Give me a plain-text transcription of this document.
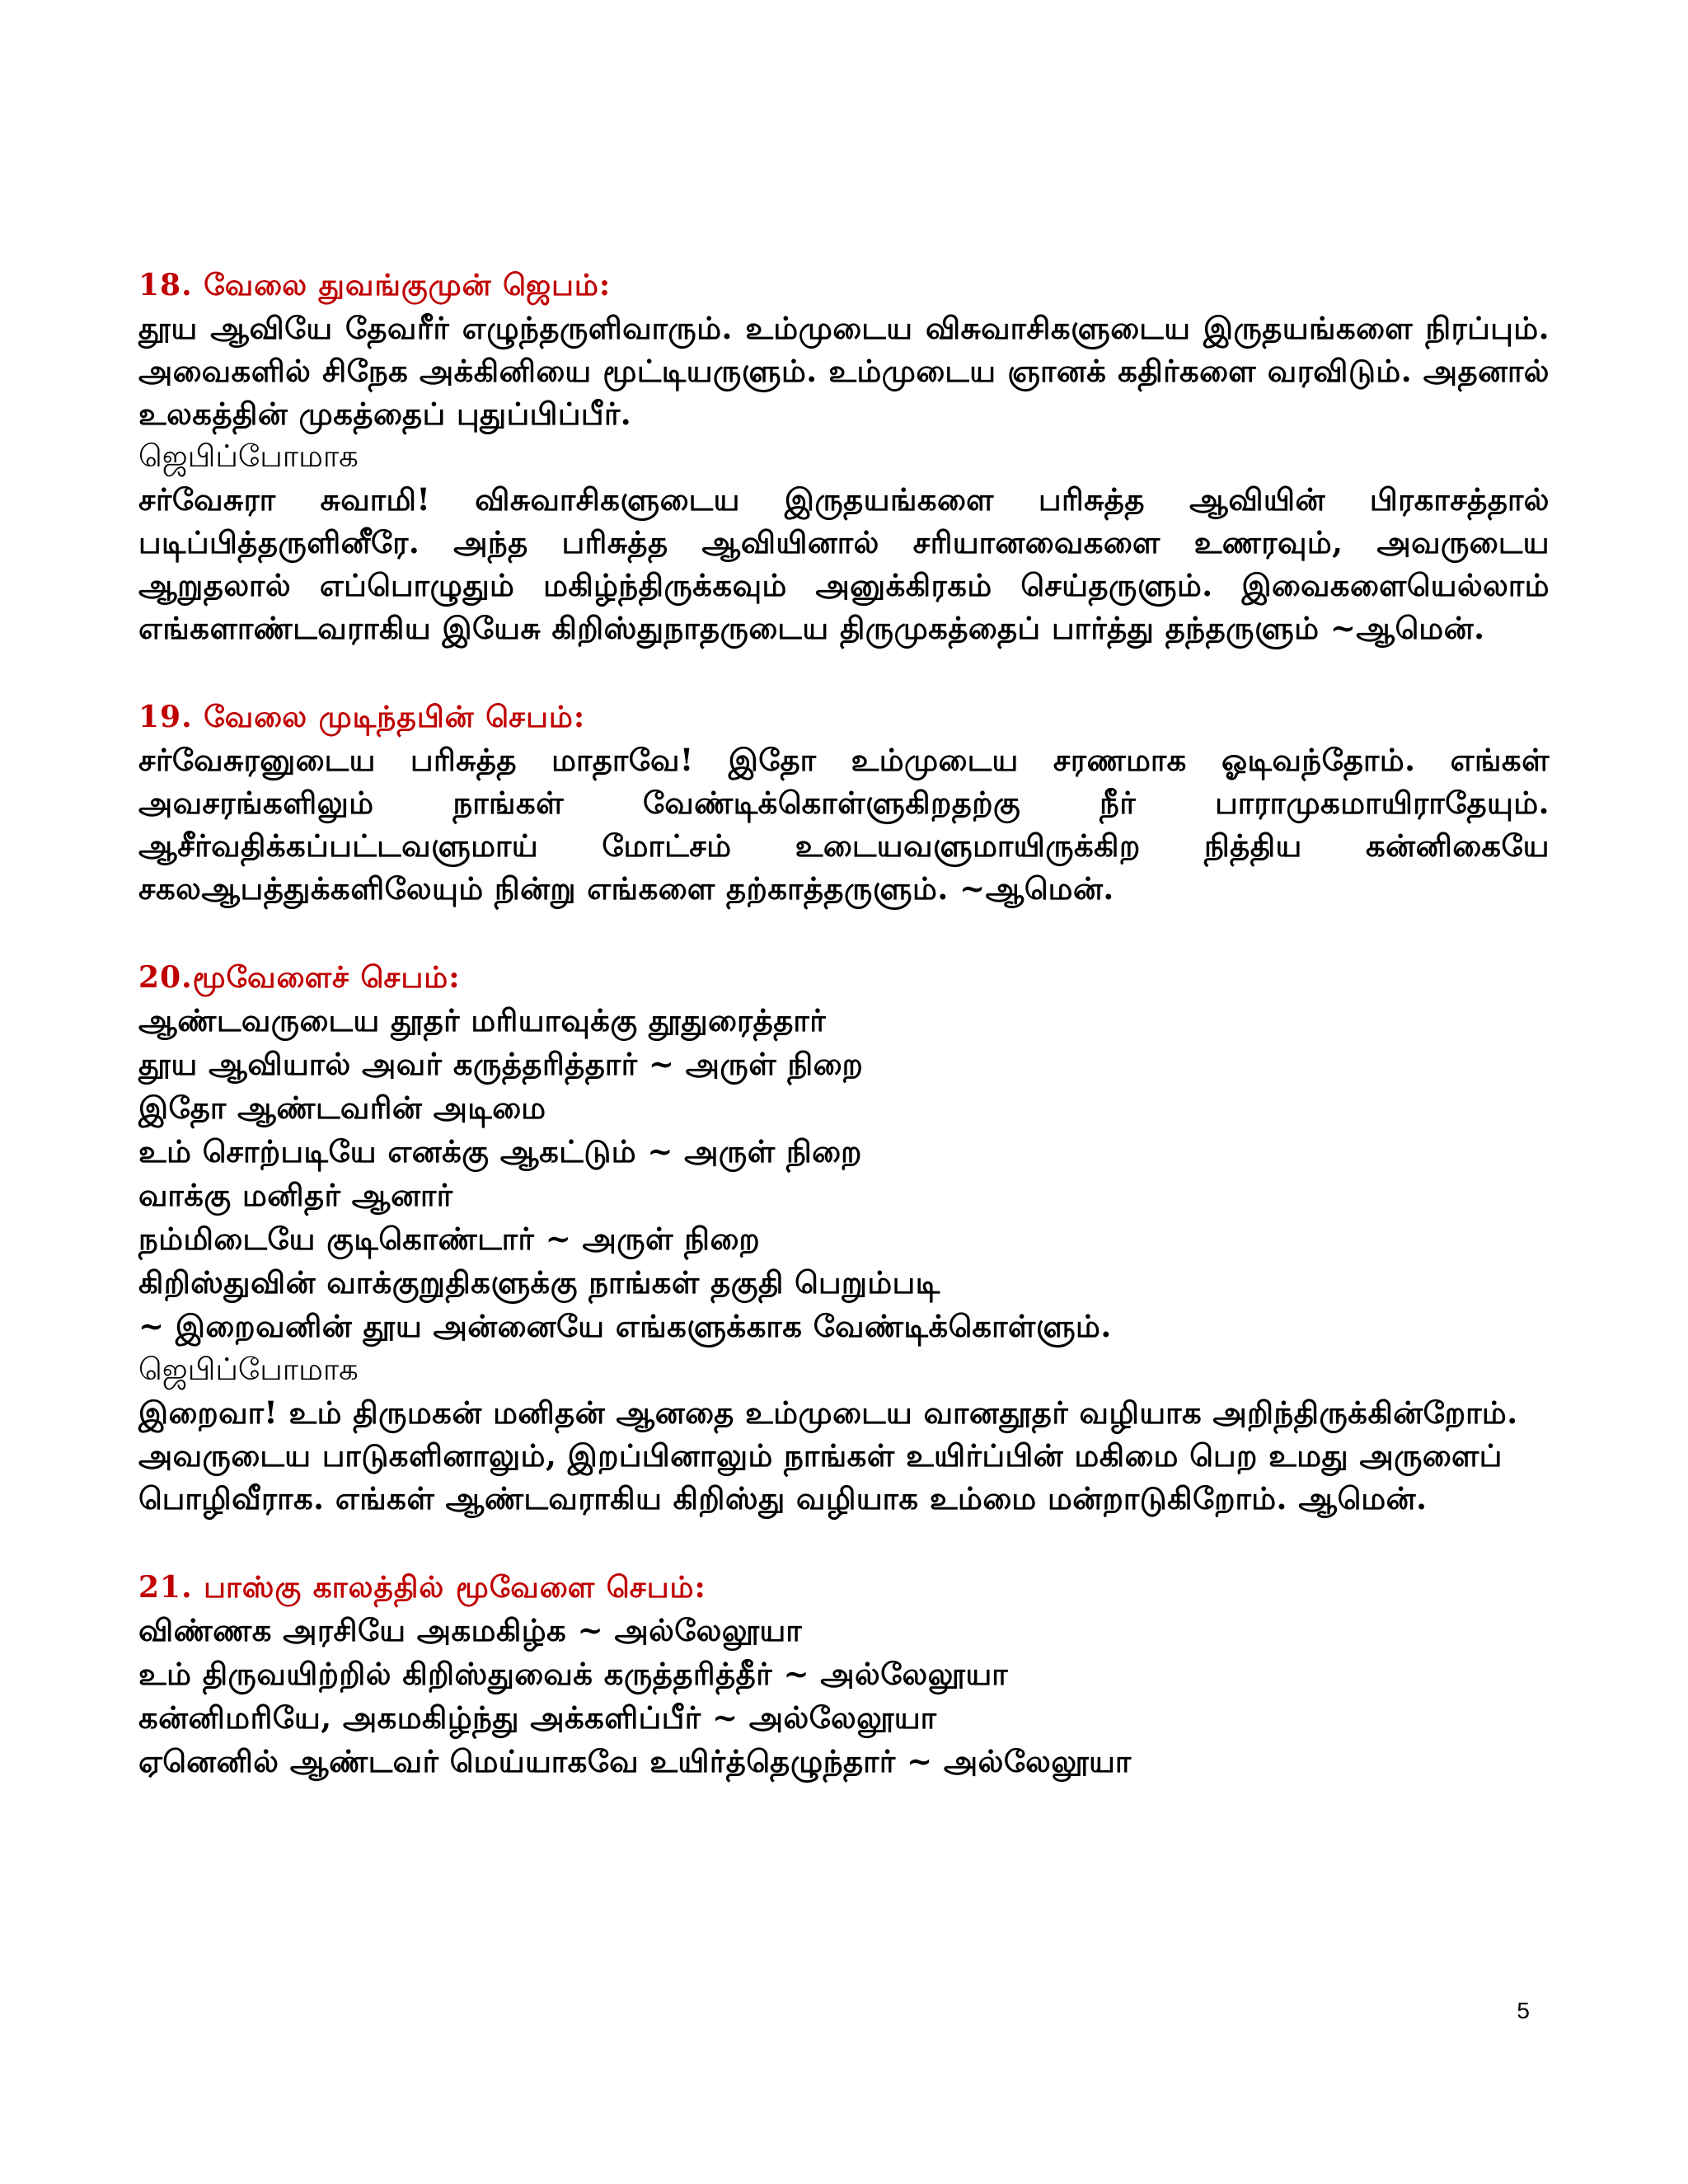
18. வேலை துவங்குமுன் ஜெபம்:
தூய ஆவியே தேவரீர் எழுந்தருளிவாரும். உம்முடைய விசுவாசிகளுடைய இருதயங்களை நிரப்பும். அவைகளில் சிநேக அக்கினியை மூட்டியருளும். உம்முடைய ஞானக் கதிர்களை வரவிடும். அதனால் உலகத்தின் முகத்தைப் புதுப்பிப்பீர்.
ஜெபிப்போமாக
சர்வேசுரா சுவாமி! விசுவாசிகளுடைய இருதயங்களை பரிசுத்த ஆவியின் பிரகாசத்தால் படிப்பித்தருளினீரே. அந்த பரிசுத்த ஆவியினால் சரியானவைகளை உணரவும், அவருடைய ஆறுதலால் எப்பொழுதும் மகிழ்ந்திருக்கவும் அனுக்கிரகம் செய்தருளும். இவைகளையெல்லாம் எங்களாண்டவராகிய இயேசு கிறிஸ்துநாதருடைய திருமுகத்தைப் பார்த்து தந்தருளும் ~ஆமென்.
19. வேலை முடிந்தபின் செபம்:
சர்வேசுரனுடைய பரிசுத்த மாதாவே! இதோ உம்முடைய சரணமாக ஓடிவந்தோம். எங்கள் அவசரங்களிலும் நாங்கள் வேண்டிக்கொள்ளுகிறதற்கு நீர் பாராமுகமாயிராதேயும். ஆசீர்வதிக்கப்பட்டவளுமாய் மோட்சம் உடையவளுமாயிருக்கிற நித்திய கன்னிகையே சகலஆபத்துக்களிலேயும் நின்று எங்களை தற்காத்தருளும். ~ஆமென்.
20.மூவேளைச் செபம்:
ஆண்டவருடைய தூதர் மரியாவுக்கு தூதுரைத்தார்
தூய ஆவியால் அவர் கருத்தரித்தார் ~ அருள் நிறை
இதோ ஆண்டவரின் அடிமை
உம் சொற்படியே எனக்கு ஆகட்டும் ~ அருள் நிறை
வாக்கு மனிதர் ஆனார்
நம்மிடையே குடிகொண்டார் ~ அருள் நிறை
கிறிஸ்துவின் வாக்குறுதிகளுக்கு நாங்கள் தகுதி பெறும்படி
~ இறைவனின் தூய அன்னையே எங்களுக்காக வேண்டிக்கொள்ளும்.
ஜெபிப்போமாக
இறைவா! உம் திருமகன் மனிதன் ஆனதை உம்முடைய வானதூதர் வழியாக அறிந்திருக்கின்றோம். அவருடைய பாடுகளினாலும், இறப்பினாலும் நாங்கள் உயிர்ப்பின் மகிமை பெற உமது அருளைப் பொழிவீராக. எங்கள் ஆண்டவராகிய கிறிஸ்து வழியாக உம்மை மன்றாடுகிறோம். ஆமென்.
21. பாஸ்கு காலத்தில் மூவேளை செபம்:
விண்ணக அரசியே அகமகிழ்க ~ அல்லேலூயா
உம் திருவயிற்றில் கிறிஸ்துவைக் கருத்தரித்தீர் ~ அல்லேலூயா
கன்னிமரியே, அகமகிழ்ந்து அக்களிப்பீர் ~ அல்லேலூயா
ஏனெனில் ஆண்டவர் மெய்யாகவே உயிர்த்தெழுந்தார் ~ அல்லேலூயா
5
